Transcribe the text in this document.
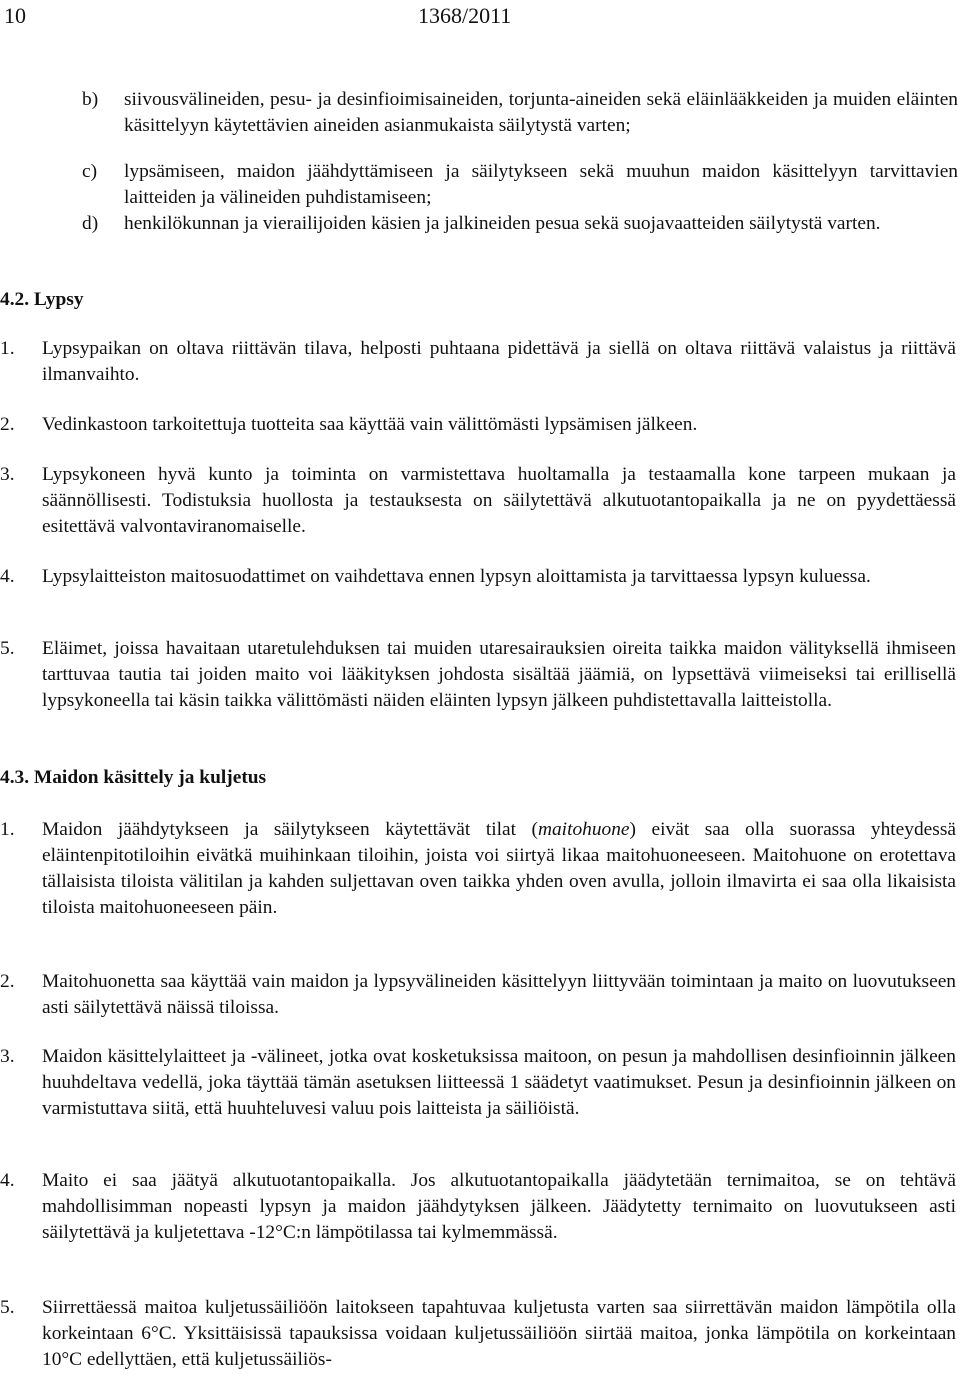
10	1368/2011
b) siivousvälineiden, pesu- ja desinfioimisaineiden, torjunta-aineiden sekä eläinlääkkeiden ja muiden eläinten käsittelyyn käytettävien aineiden asianmukaista säilytystä varten;
c) lypsämiseen, maidon jäähdyttämiseen ja säilytykseen sekä muuhun maidon käsittelyyn tarvittavien laitteiden ja välineiden puhdistamiseen;
d) henkilökunnan ja vierailijoiden käsien ja jalkineiden pesua sekä suojavaatteiden säilytystä varten.
4.2. Lypsy
1.	Lypsypaikan on oltava riittävän tilava, helposti puhtaana pidettävä ja siellä on oltava riittävä valaistus ja riittävä ilmanvaihto.
2.	Vedinkastoon tarkoitettuja tuotteita saa käyttää vain välittömästi lypsämisen jälkeen.
3.	Lypsykoneen hyvä kunto ja toiminta on varmistettava huoltamalla ja testaamalla kone tarpeen mukaan ja säännöllisesti. Todistuksia huollosta ja testauksesta on säilytettävä alkutuotantopaikalla ja ne on pyydettäessä esitettävä valvontaviranomaiselle.
4.	Lypsylaitteiston maitosuodattimet on vaihdettava ennen lypsyn aloittamista ja tarvittaessa lypsyn kuluessa.
5.	Eläimet, joissa havaitaan utaretulehduksen tai muiden utaresairauksien oireita taikka maidon välityksellä ihmiseen tarttuvaa tautia tai joiden maito voi lääkityksen johdosta sisältää jäämiä, on lypsettävä viimeiseksi tai erillisellä lypsykoneella tai käsin taikka välittömästi näiden eläinten lypsyn jälkeen puhdistettavalla laitteistolla.
4.3. Maidon käsittely ja kuljetus
1.	Maidon jäähdytykseen ja säilytykseen käytettävät tilat (maitohuone) eivät saa olla suorassa yhteydessä eläintenpitotiloihin eivätkä muihinkaan tiloihin, joista voi siirtyä likaa maitohuoneeseen. Maitohuone on erotettava tällaisista tiloista välitilan ja kahden suljettavan oven taikka yhden oven avulla, jolloin ilmavirta ei saa olla likaisista tiloista maitohuoneeseen päin.
2.	Maitohuonetta saa käyttää vain maidon ja lypsyvälineiden käsittelyyn liittyvään toimintaan ja maito on luovutukseen asti säilytettävä näissä tiloissa.
3.	Maidon käsittelylaitteet ja -välineet, jotka ovat kosketuksissa maitoon, on pesun ja mahdollisen desinfioinnin jälkeen huuhdeltava vedellä, joka täyttää tämän asetuksen liitteessä 1 säädetyt vaatimukset. Pesun ja desinfioinnin jälkeen on varmistuttava siitä, että huuhteluvesi valuu pois laitteista ja säiliöistä.
4.	Maito ei saa jäätyä alkutuotantopaikalla. Jos alkutuotantopaikalla jäädytetään ternimaitoa, se on tehtävä mahdollisimman nopeasti lypsyn ja maidon jäähdytyksen jälkeen. Jäädytetty ternimaito on luovutukseen asti säilytettävä ja kuljetettava -12°C:n lämpötilassa tai kylmemmässä.
5.	Siirrettäessä maitoa kuljetussäiliöön laitokseen tapahtuvaa kuljetusta varten saa siirrettävän maidon lämpötila olla korkeintaan 6°C. Yksittäisissä tapauksissa voidaan kuljetussäiliöön siirtää maitoa, jonka lämpötila on korkeintaan 10°C edellyttäen, että kuljetussäiliös-
